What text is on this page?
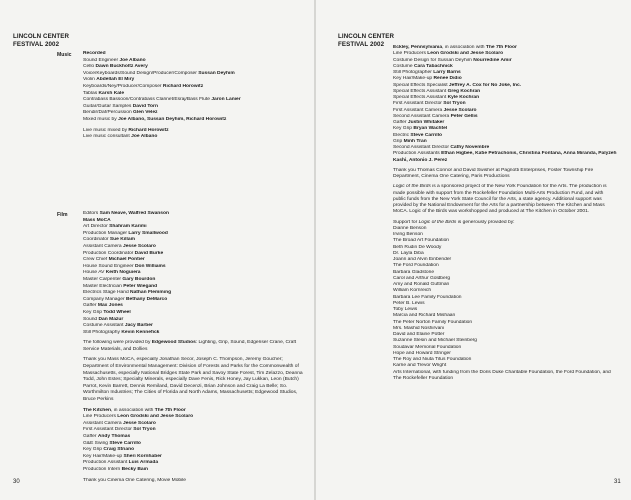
LINCOLN CENTER
FESTIVAL 2002
Music
Film
Recorded
Sound Engineer Joe Albano
Cello Dawn Buckholtz Avery
Voice/Keyboards/Sound Design/Producer/Composer Sussan Deyhim
Violin Abdellah El Miry
Keyboards/Ney/Producer/Composer Richard Horowitz
Tablas Karsh Kale
Contrabass Bassoon/Contrabass Clarinet/Esraj/Bass Flute Jaron Lanier
Guitar/Guitar Samples David Torn
Bendir/Daf/Percussion Glen Velez
Mixed music by Joe Albano, Sussan Deyhim, Richard Horowitz
Live music mixed by Richard Horowitz
Live music consultant Joe Albano
Editors Sam Neave, Walfred Swanson
Mass MoCA
Art Director Shahram Karimi
Production Manager Larry Smallwood
Coordinator Sue Killam
Assistant Camera Jesse Scolaro
Production Coordinator David Burke
Crew Chief Michael Pontier
House Sound Engineer Don Williams
House AV Keith Noguiera
Master Carpenter Gary Bourdon
Master Electrician Peter Wiegand
Electrics Stage Hand Nathan Flemming
Company Manager Bethany DeMarco
Gaffer Max Jones
Key Grip Todd Wheel
Sound Dan Mazur
Costume Assistant Jacy Barber
Still Photography Kevin Kennefick
The following were provided by Edgewood Studios: Lighting, Grip, Sound, Edgeriser Crane, Craft Service Materials, and Dollies
Thank you Mass MoCA, especially Jonathan Secor, Joseph C. Thompson, Jeremy Goucher; Department of Environmental Management: Division of Forests and Parks for the Commonwealth of Massachusetts, especially National Bridges State Park and Savoy State Forest, Tim Zelazzo, Deanna Todd, John Estes; Specialty Minerals, especially Dave Fenis, Rick Honey, Jay Lukkan, Leon (Butch) Parrot, Kevin Barrett, Dennis Remiland, David Decenzi, Brian Johnson and Craig La Belle; So. Worthmilton Industries; The Cities of Florida and North Adams, Massachusetts; Edgewood Studios, Bruce Perkins
The Kitchen, in association with The 7th Floor
Line Producers Leon Grodski and Jesse Scolaro
Assistant Camera Jesse Scolaro
First Assistant Director Sol Tryon
Gaffer Andy Thomas
G&E Swing Steve Carrillo
Key Grip Craig Striano
Key Hair/Make-up Sheri Kornhaber
Production Assistant Luis Armada
Production Intern Becky Bain
Thank you Cinema One Catering, Movie Mobile
30
LINCOLN CENTER
FESTIVAL 2002	Eckley, Pennsylvania, in association with The 7th Floor
Line Producers Leon Grodski and Jesse Scolaro
Costume Design for Sussan Deyhim Nourredine Amir
Costume Cara Tabachnick
Still Photographer Larry Barns
Key Hair/Make-up Renee Didio
Special Effects Specialist Jeffrey A. Cox for No Joke, Inc.
Special Effects Assistant Greg Kochran
Special Effects Assistant Kyle Kochran
First Assistant Director Sol Tryon
First Assistant Camera Jesse Scolaro
Second Assistant Camera Peter Gellis
Gaffer Justin Whitaker
Key Grip Bryan Wachtel
Electric Steve Carrillo
Grip Minh Tran
Second Assistant Director Cathy Novembre
Production Assistants Ethan Higbee, Katie Petrachonis, Christina Fontana, Anna Miranda, Palyzeh Kashi, Antonio J. Perez
Thank you Thomas Connor and David Swisher at Pagnotti Enterprises, Foster Township Fire Department, Cinema One Catering, Paris Productions
Logic of the Birds is a sponsored project of the New York Foundation for the Arts. The production is made possible with support from the Rockefeller Foundation Multi-Arts Production Fund, and with public funds from the New York State Council for the Arts, a state agency. Additional support was provided by the National Endowment for the Arts for a partnership between The Kitchen and Mass MoCA. Logic of the Birds was workshopped and produced at The Kitchen in October 2001.
Support for Logic of the Birds is generously provided by:
Dianne Benson
Irving Benson
The Broad Art Foundation
Beth Rudin De Woody
Dr. Layla Diba
Joann and Alvin Einbender
The Ford Foundation
Barbara Gladstone
Carol and Arthur Goldberg
Amy and Ronald Guttman
William Kornreich
Barbara Lee Family Foundation
Peter B. Lewis
Toby Lewis
Marcia and Richard Mishaan
The Peter Norton Family Foundation
Mrs. Mashid Noshirvani
David and Elaine Potter
Suzanne Slesin and Michael Steinberg
Soudavar Memorial Foundation
Hope and Howard Stringer
The Roy and Niuta Titus Foundation
Karrie and Trevor Wright
Arts International, with funding from the Doris Duke Charitable Foundation, the Ford Foundation, and The Rockefeller Foundation
31
